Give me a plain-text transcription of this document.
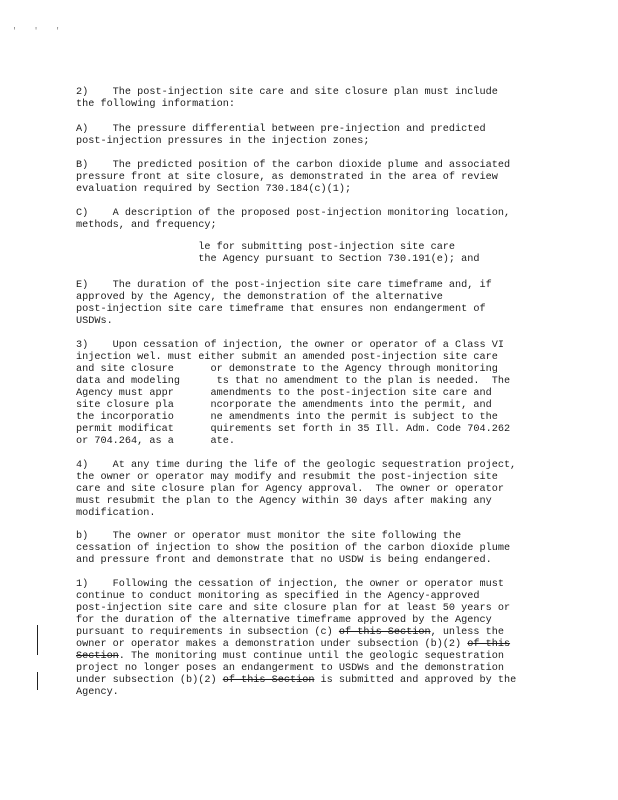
' ' '
2)    The post-injection site care and site closure plan must include
the following information:
A)    The pressure differential between pre-injection and predicted
post-injection pressures in the injection zones;
B)    The predicted position of the carbon dioxide plume and associated
pressure front at site closure, as demonstrated in the area of review
evaluation required by Section 730.184(c)(1);
C)    A description of the proposed post-injection monitoring location,
methods, and frequency;
le for submitting post-injection site care
the Agency pursuant to Section 730.191(e); and
E)    The duration of the post-injection site care timeframe and, if
approved by the Agency, the demonstration of the alternative
post-injection site care timeframe that ensures non endangerment of
USDWs.
3)    Upon cessation of injection, the owner or operator of a Class VI
injection wel. must either submit an amended post-injection site care
and site closure      or demonstrate to the Agency through monitoring
data and modeling      ts that no amendment to the plan is needed.  The
Agency must appr      amendments to the post-injection site care and
site closure pla      ncorporate the amendments into the permit, and
the incorporatio      ne amendments into the permit is subject to the
permit modificat      quirements set forth in 35 Ill. Adm. Code 704.262
or 704.264, as a      ate.
4)    At any time during the life of the geologic sequestration project,
the owner or operator may modify and resubmit the post-injection site
care and site closure plan for Agency approval.  The owner or operator
must resubmit the plan to the Agency within 30 days after making any
modification.
b)    The owner or operator must monitor the site following the
cessation of injection to show the position of the carbon dioxide plume
and pressure front and demonstrate that no USDW is being endangered.
1)    Following the cessation of injection, the owner or operator must
continue to conduct monitoring as specified in the Agency-approved
post-injection site care and site closure plan for at least 50 years or
for the duration of the alternative timeframe approved by the Agency
pursuant to requirements in subsection (c) of this Section, unless the
owner or operator makes a demonstration under subsection (b)(2) of this
Section. The monitoring must continue until the geologic sequestration
project no longer poses an endangerment to USDWs and the demonstration
under subsection (b)(2) of this Section is submitted and approved by the
Agency.
